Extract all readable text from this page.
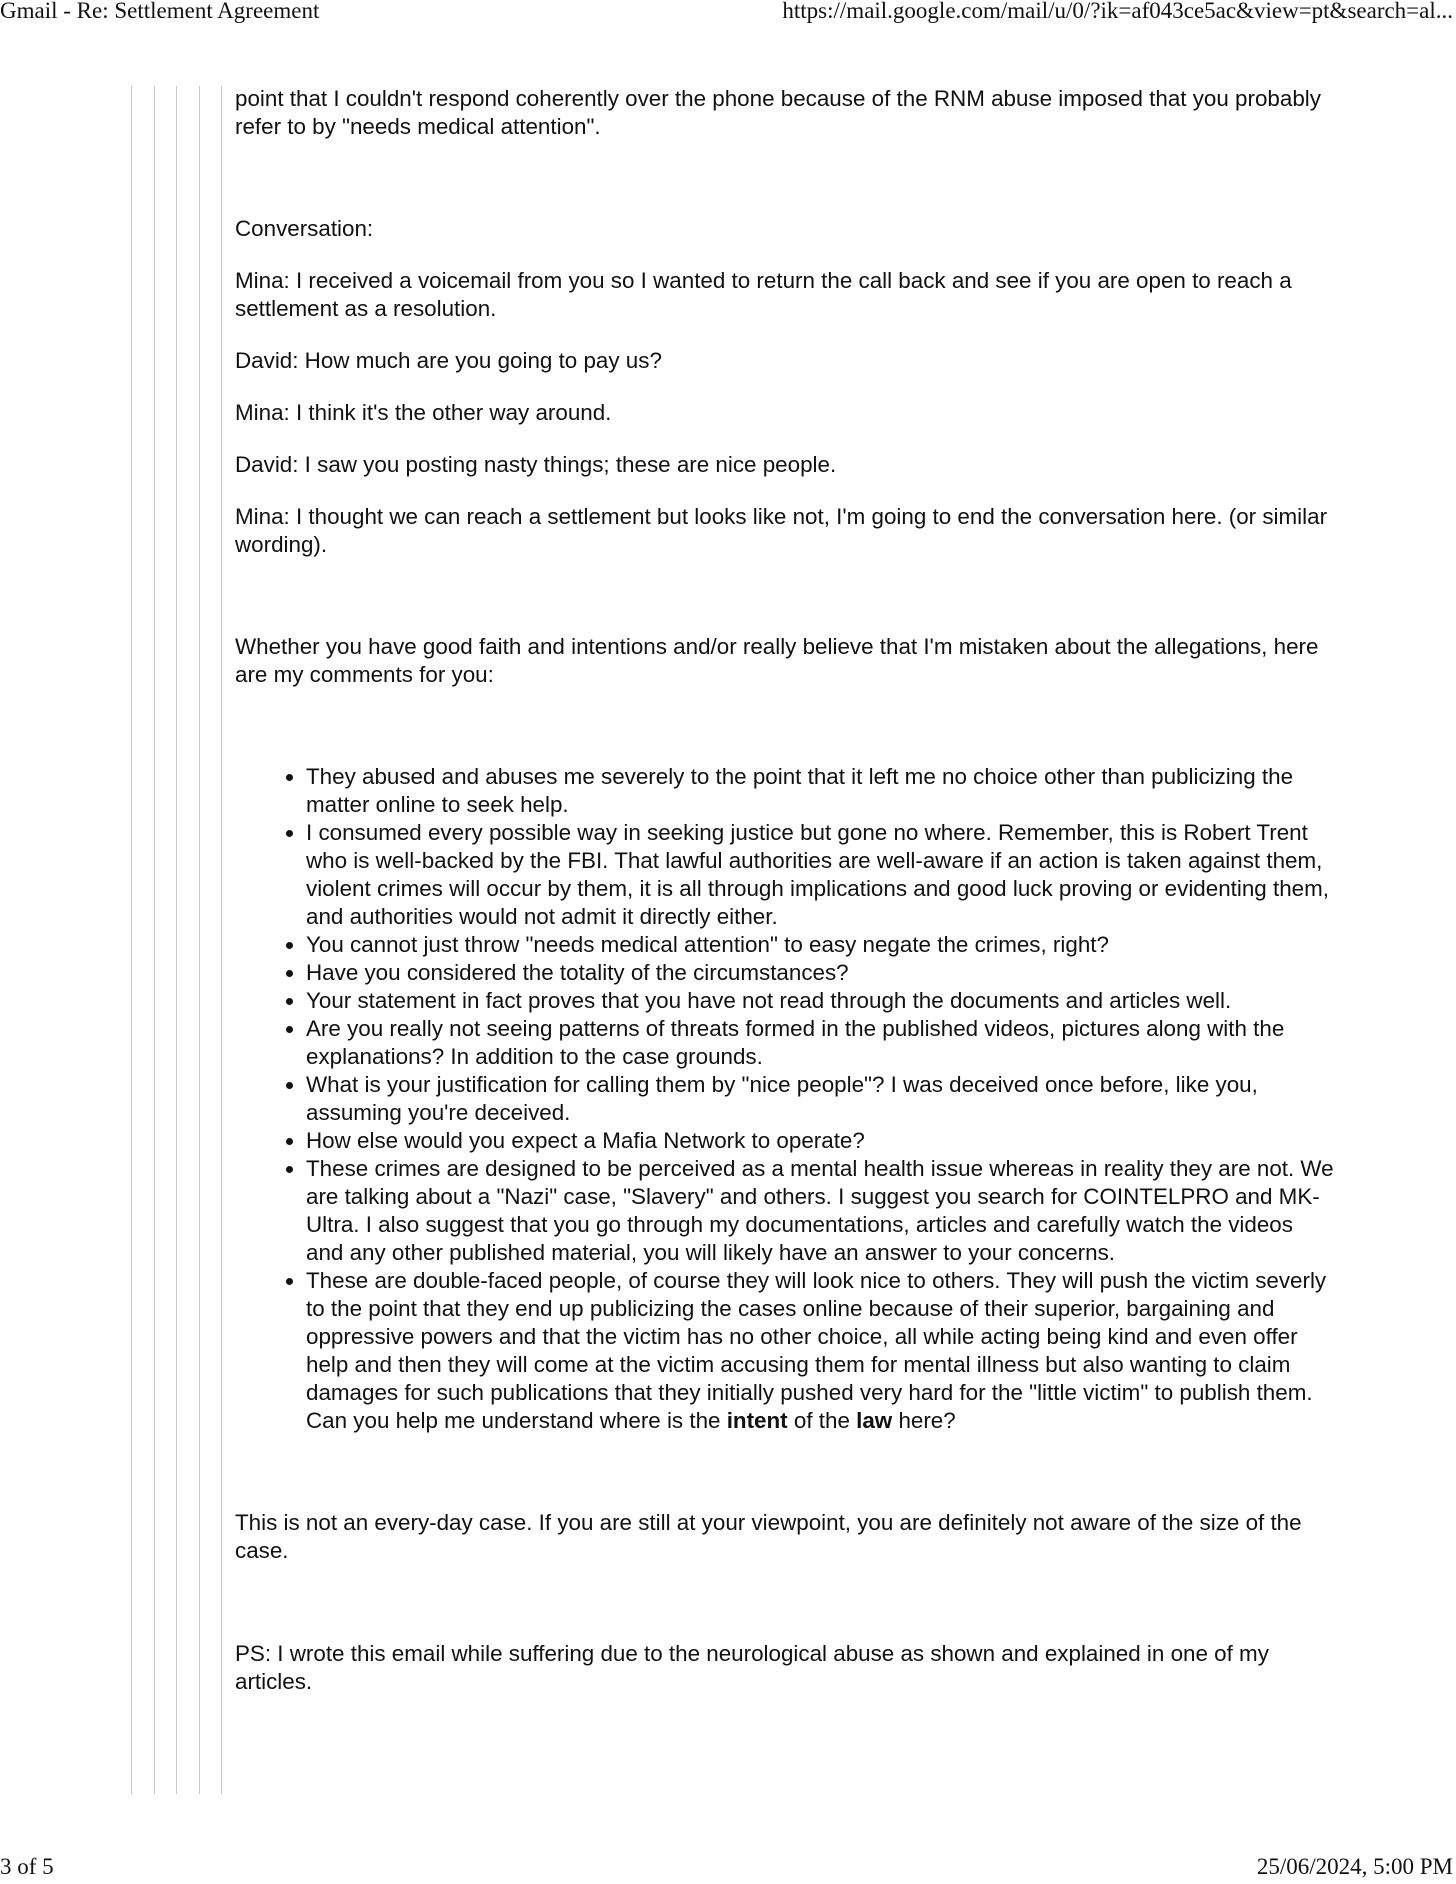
Gmail - Re: Settlement Agreement	https://mail.google.com/mail/u/0/?ik=af043ce5ac&view=pt&search=al...

point that I couldn't respond coherently over the phone because of the RNM abuse imposed that you probably refer to by "needs medical attention".

Conversation:

Mina: I received a voicemail from you so I wanted to return the call back and see if you are open to reach a settlement as a resolution.

David: How much are you going to pay us?

Mina: I think it's the other way around.

David: I saw you posting nasty things; these are nice people.

Mina: I thought we can reach a settlement but looks like not, I'm going to end the conversation here. (or similar wording).

Whether you have good faith and intentions and/or really believe that I'm mistaken about the allegations, here are my comments for you:

• They abused and abuses me severely to the point that it left me no choice other than publicizing the matter online to seek help.
• I consumed every possible way in seeking justice but gone no where. Remember, this is Robert Trent who is well-backed by the FBI. That lawful authorities are well-aware if an action is taken against them, violent crimes will occur by them, it is all through implications and good luck proving or evidenting them, and authorities would not admit it directly either.
• You cannot just throw "needs medical attention" to easy negate the crimes, right?
• Have you considered the totality of the circumstances?
• Your statement in fact proves that you have not read through the documents and articles well.
• Are you really not seeing patterns of threats formed in the published videos, pictures along with the explanations? In addition to the case grounds.
• What is your justification for calling them by "nice people"? I was deceived once before, like you, assuming you're deceived.
• How else would you expect a Mafia Network to operate?
• These crimes are designed to be perceived as a mental health issue whereas in reality they are not. We are talking about a "Nazi" case, "Slavery" and others. I suggest you search for COINTELPRO and MK-Ultra. I also suggest that you go through my documentations, articles and carefully watch the videos and any other published material, you will likely have an answer to your concerns.
• These are double-faced people, of course they will look nice to others. They will push the victim severly to the point that they end up publicizing the cases online because of their superior, bargaining and oppressive powers and that the victim has no other choice, all while acting being kind and even offer help and then they will come at the victim accusing them for mental illness but also wanting to claim damages for such publications that they initially pushed very hard for the "little victim" to publish them. Can you help me understand where is the intent of the law here?

This is not an every-day case. If you are still at your viewpoint, you are definitely not aware of the size of the case.

PS: I wrote this email while suffering due to the neurological abuse as shown and explained in one of my articles.

3 of 5	25/06/2024, 5:00 PM
